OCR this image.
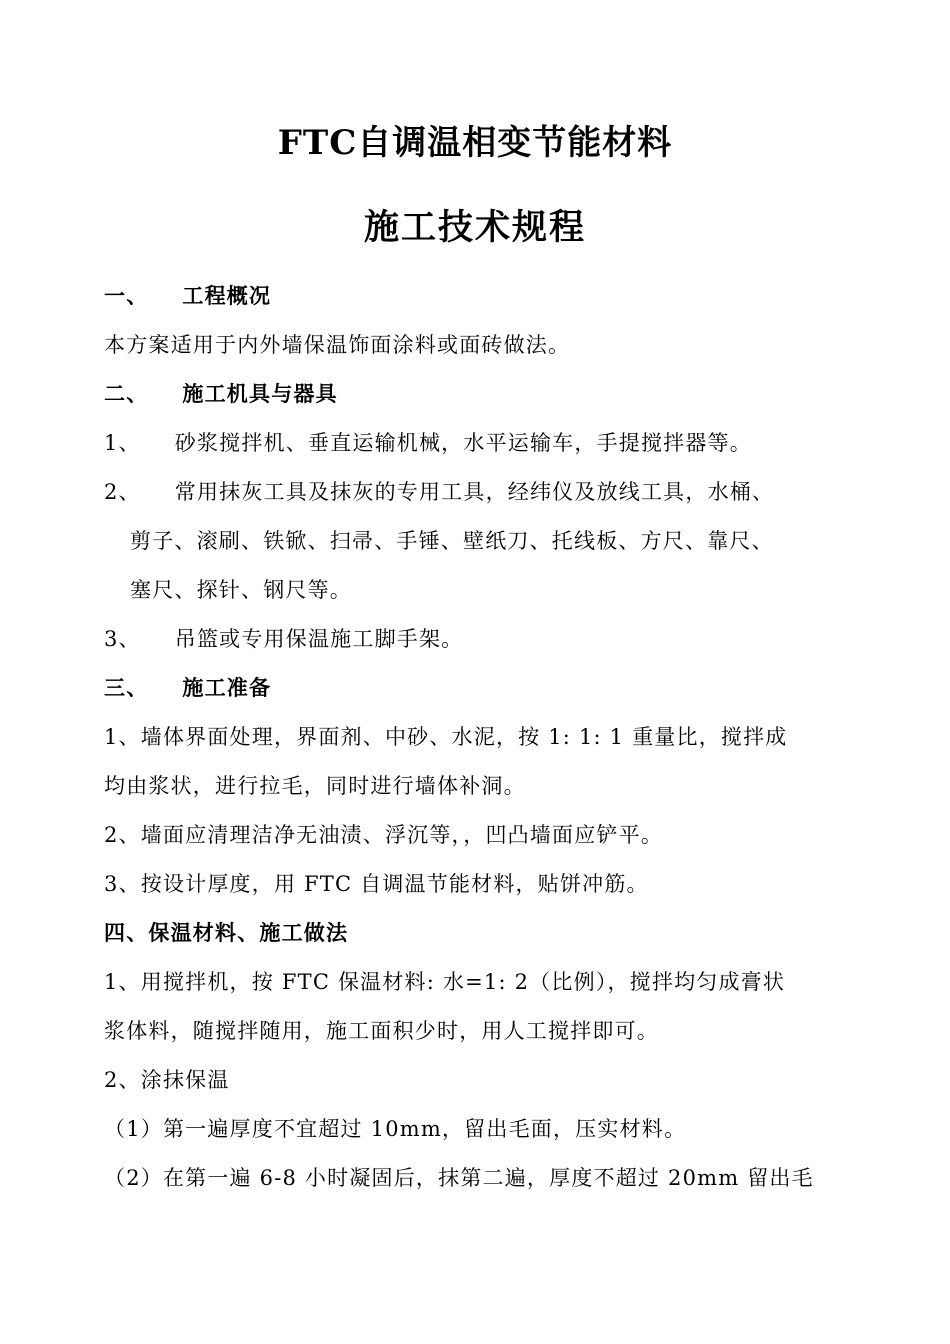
FTC自调温相变节能材料
施工技术规程
一、 工程概况
本方案适用于内外墙保温饰面涂料或面砖做法。
二、 施工机具与器具
1、 砂浆搅拌机、垂直运输机械，水平运输车，手提搅拌器等。
2、 常用抹灰工具及抹灰的专用工具，经纬仪及放线工具，水桶、
剪子、滚刷、铁锨、扫帚、手锤、壁纸刀、托线板、方尺、靠尺、
塞尺、探针、钢尺等。
3、 吊篮或专用保温施工脚手架。
三、 施工准备
1、墙体界面处理，界面剂、中砂、水泥，按 1: 1: 1 重量比，搅拌成
均由浆状，进行拉毛，同时进行墙体补洞。
2、墙面应清理洁净无油渍、浮沉等，，凹凸墙面应铲平。
3、按设计厚度，用 FTC 自调温节能材料，贴饼冲筋。
四、保温材料、施工做法
1、用搅拌机，按 FTC 保温材料: 水=1: 2（比例），搅拌均匀成膏状
浆体料，随搅拌随用，施工面积少时，用人工搅拌即可。
2、涂抹保温
（1）第一遍厚度不宜超过 10mm，留出毛面，压实材料。
（2）在第一遍 6-8 小时凝固后，抹第二遍，厚度不超过 20mm 留出毛
